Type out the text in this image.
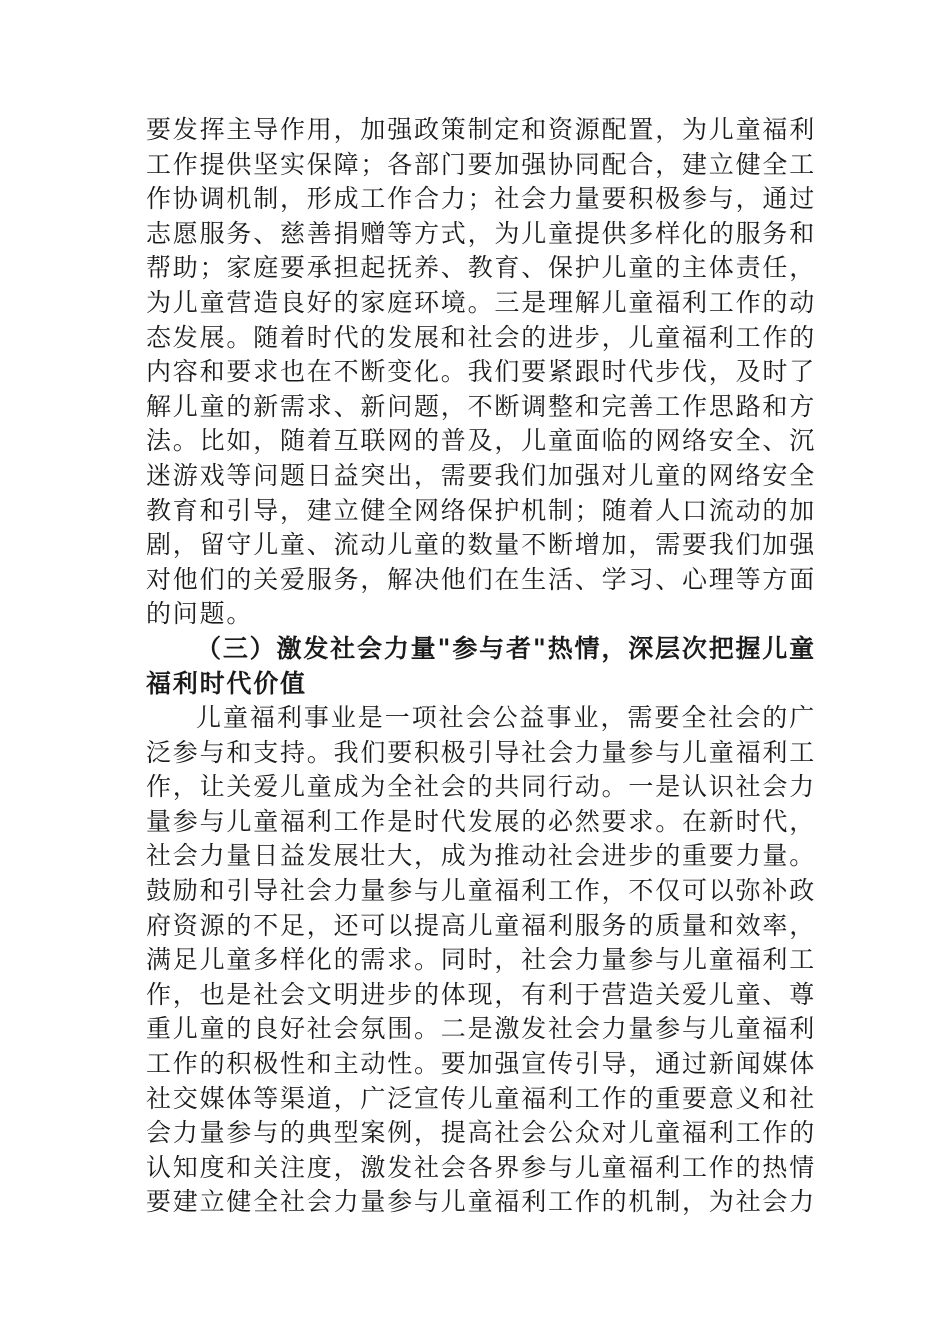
要发挥主导作用，加强政策制定和资源配置，为儿童福利工作提供坚实保障；各部门要加强协同配合，建立健全工作协调机制，形成工作合力；社会力量要积极参与，通过志愿服务、慈善捐赠等方式，为儿童提供多样化的服务和帮助；家庭要承担起抚养、教育、保护儿童的主体责任，为儿童营造良好的家庭环境。三是理解儿童福利工作的动态发展。随着时代的发展和社会的进步，儿童福利工作的内容和要求也在不断变化。我们要紧跟时代步伐，及时了解儿童的新需求、新问题，不断调整和完善工作思路和方法。比如，随着互联网的普及，儿童面临的网络安全、沉迷游戏等问题日益突出，需要我们加强对儿童的网络安全教育和引导，建立健全网络保护机制；随着人口流动的加剧，留守儿童、流动儿童的数量不断增加，需要我们加强对他们的关爱服务，解决他们在生活、学习、心理等方面的问题。

（三）激发社会力量"参与者"热情，深层次把握儿童福利时代价值

儿童福利事业是一项社会公益事业，需要全社会的广泛参与和支持。我们要积极引导社会力量参与儿童福利工作，让关爱儿童成为全社会的共同行动。一是认识社会力量参与儿童福利工作是时代发展的必然要求。在新时代，社会力量日益发展壮大，成为推动社会进步的重要力量。鼓励和引导社会力量参与儿童福利工作，不仅可以弥补政府资源的不足，还可以提高儿童福利服务的质量和效率，满足儿童多样化的需求。同时，社会力量参与儿童福利工作，也是社会文明进步的体现，有利于营造关爱儿童、尊重儿童的良好社会氛围。二是激发社会力量参与儿童福利工作的积极性和主动性。要加强宣传引导，通过新闻媒体社交媒体等渠道，广泛宣传儿童福利工作的重要意义和社会力量参与的典型案例，提高社会公众对儿童福利工作的认知度和关注度，激发社会各界参与儿童福利工作的热情要建立健全社会力量参与儿童福利工作的机制，为社会力
